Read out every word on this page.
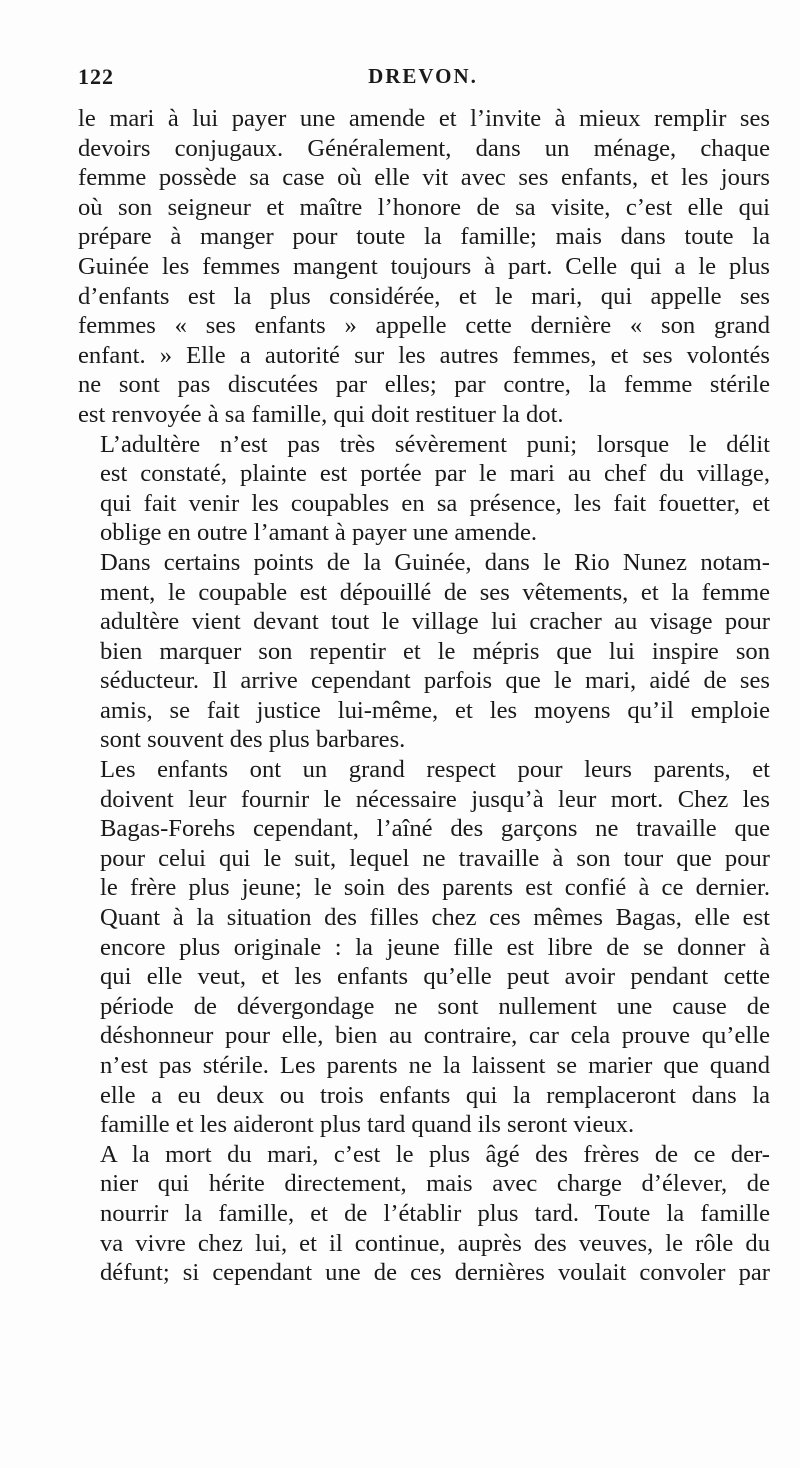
122	DREVON.
le mari à lui payer une amende et l’invite à mieux remplir ses
devoirs conjugaux. Généralement, dans un ménage, chaque
femme possède sa case où elle vit avec ses enfants, et les jours
où son seigneur et maître l’honore de sa visite, c’est elle qui
prépare à manger pour toute la famille; mais dans toute la
Guinée les femmes mangent toujours à part. Celle qui a le plus
d’enfants est la plus considérée, et le mari, qui appelle ses
femmes « ses enfants » appelle cette dernière « son grand
enfant. » Elle a autorité sur les autres femmes, et ses volontés
ne sont pas discutées par elles; par contre, la femme stérile
est renvoyée à sa famille, qui doit restituer la dot.
L’adultère n’est pas très sévèrement puni; lorsque le délit
est constaté, plainte est portée par le mari au chef du village,
qui fait venir les coupables en sa présence, les fait fouetter, et
oblige en outre l’amant à payer une amende.
Dans certains points de la Guinée, dans le Rio Nunez notam-
ment, le coupable est dépouillé de ses vêtements, et la femme
adultère vient devant tout le village lui cracher au visage pour
bien marquer son repentir et le mépris que lui inspire son
séducteur. Il arrive cependant parfois que le mari, aidé de ses
amis, se fait justice lui-même, et les moyens qu’il emploie
sont souvent des plus barbares.
Les enfants ont un grand respect pour leurs parents, et
doivent leur fournir le nécessaire jusqu’à leur mort. Chez les
Bagas-Forehs cependant, l’aîné des garçons ne travaille que
pour celui qui le suit, lequel ne travaille à son tour que pour
le frère plus jeune; le soin des parents est confié à ce dernier.
Quant à la situation des filles chez ces mêmes Bagas, elle est
encore plus originale : la jeune fille est libre de se donner à
qui elle veut, et les enfants qu’elle peut avoir pendant cette
période de dévergondage ne sont nullement une cause de
déshonneur pour elle, bien au contraire, car cela prouve qu’elle
n’est pas stérile. Les parents ne la laissent se marier que quand
elle a eu deux ou trois enfants qui la remplaceront dans la
famille et les aideront plus tard quand ils seront vieux.
A la mort du mari, c’est le plus âgé des frères de ce der-
nier qui hérite directement, mais avec charge d’élever, de
nourrir la famille, et de l’établir plus tard. Toute la famille
va vivre chez lui, et il continue, auprès des veuves, le rôle du
défunt; si cependant une de ces dernières voulait convoler par
